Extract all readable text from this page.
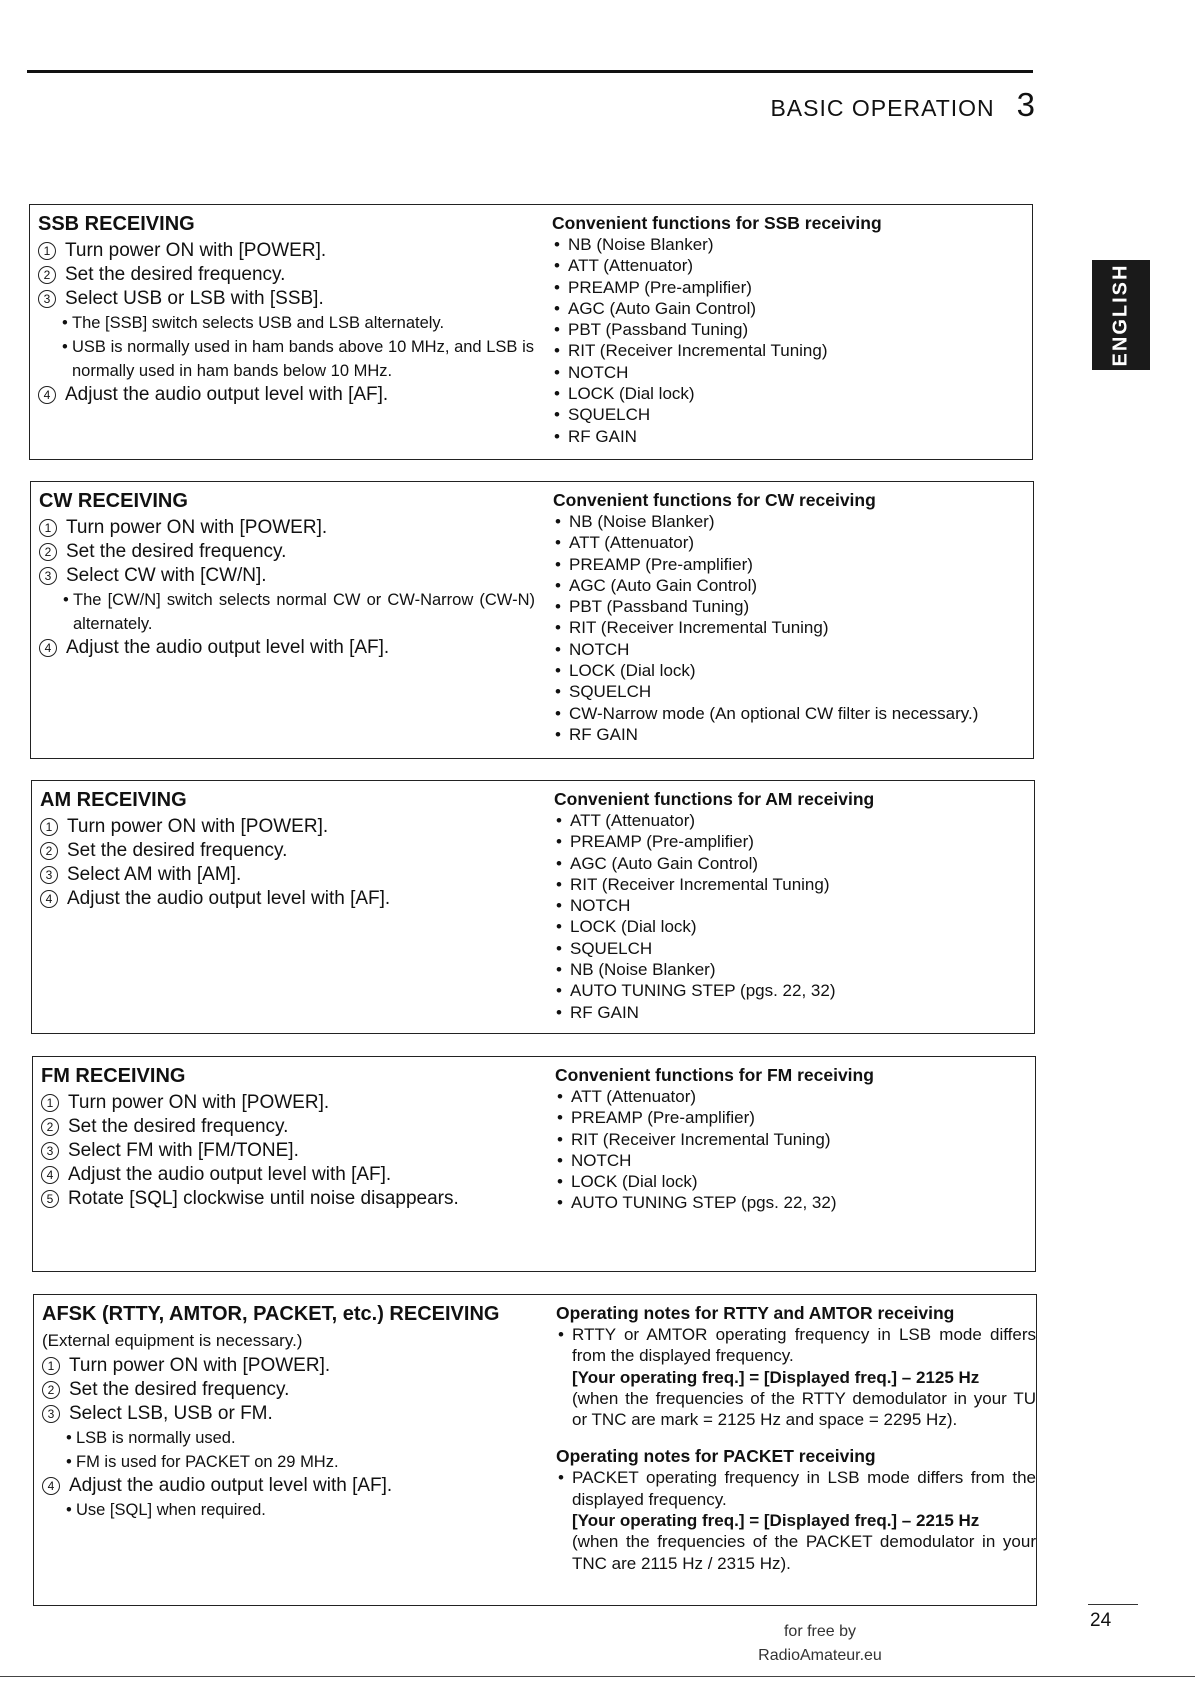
BASIC OPERATION 3
ENGLISH
SSB RECEIVING
1 Turn power ON with [POWER].
2 Set the desired frequency.
3 Select USB or LSB with [SSB].
• The [SSB] switch selects USB and LSB alternately.
• USB is normally used in ham bands above 10 MHz, and LSB is normally used in ham bands below 10 MHz.
4 Adjust the audio output level with [AF].
Convenient functions for SSB receiving
• NB (Noise Blanker)
• ATT (Attenuator)
• PREAMP (Pre-amplifier)
• AGC (Auto Gain Control)
• PBT (Passband Tuning)
• RIT (Receiver Incremental Tuning)
• NOTCH
• LOCK (Dial lock)
• SQUELCH
• RF GAIN
CW RECEIVING
1 Turn power ON with [POWER].
2 Set the desired frequency.
3 Select CW with [CW/N].
• The [CW/N] switch selects normal CW or CW-Narrow (CW-N) alternately.
4 Adjust the audio output level with [AF].
Convenient functions for CW receiving
• NB (Noise Blanker)
• ATT (Attenuator)
• PREAMP (Pre-amplifier)
• AGC (Auto Gain Control)
• PBT (Passband Tuning)
• RIT (Receiver Incremental Tuning)
• NOTCH
• LOCK (Dial lock)
• SQUELCH
• CW-Narrow mode (An optional CW filter is necessary.)
• RF GAIN
AM RECEIVING
1 Turn power ON with [POWER].
2 Set the desired frequency.
3 Select AM with [AM].
4 Adjust the audio output level with [AF].
Convenient functions for AM receiving
• ATT (Attenuator)
• PREAMP (Pre-amplifier)
• AGC (Auto Gain Control)
• RIT (Receiver Incremental Tuning)
• NOTCH
• LOCK (Dial lock)
• SQUELCH
• NB (Noise Blanker)
• AUTO TUNING STEP (pgs. 22, 32)
• RF GAIN
FM RECEIVING
1 Turn power ON with [POWER].
2 Set the desired frequency.
3 Select FM with [FM/TONE].
4 Adjust the audio output level with [AF].
5 Rotate [SQL] clockwise until noise disappears.
Convenient functions for FM receiving
• ATT (Attenuator)
• PREAMP (Pre-amplifier)
• RIT (Receiver Incremental Tuning)
• NOTCH
• LOCK (Dial lock)
• AUTO TUNING STEP (pgs. 22, 32)
AFSK (RTTY, AMTOR, PACKET, etc.) RECEIVING
(External equipment is necessary.)
1 Turn power ON with [POWER].
2 Set the desired frequency.
3 Select LSB, USB or FM.
• LSB is normally used.
• FM is used for PACKET on 29 MHz.
4 Adjust the audio output level with [AF].
• Use [SQL] when required.
Operating notes for RTTY and AMTOR receiving
• RTTY or AMTOR operating frequency in LSB mode differs from the displayed frequency.
[Your operating freq.] = [Displayed freq.] – 2125 Hz
(when the frequencies of the RTTY demodulator in your TU or TNC are mark = 2125 Hz and space = 2295 Hz).
Operating notes for PACKET receiving
• PACKET operating frequency in LSB mode differs from the displayed frequency.
[Your operating freq.] = [Displayed freq.] – 2215 Hz
(when the frequencies of the PACKET demodulator in your TNC are 2115 Hz / 2315 Hz).
24
for free by
RadioAmateur.eu
